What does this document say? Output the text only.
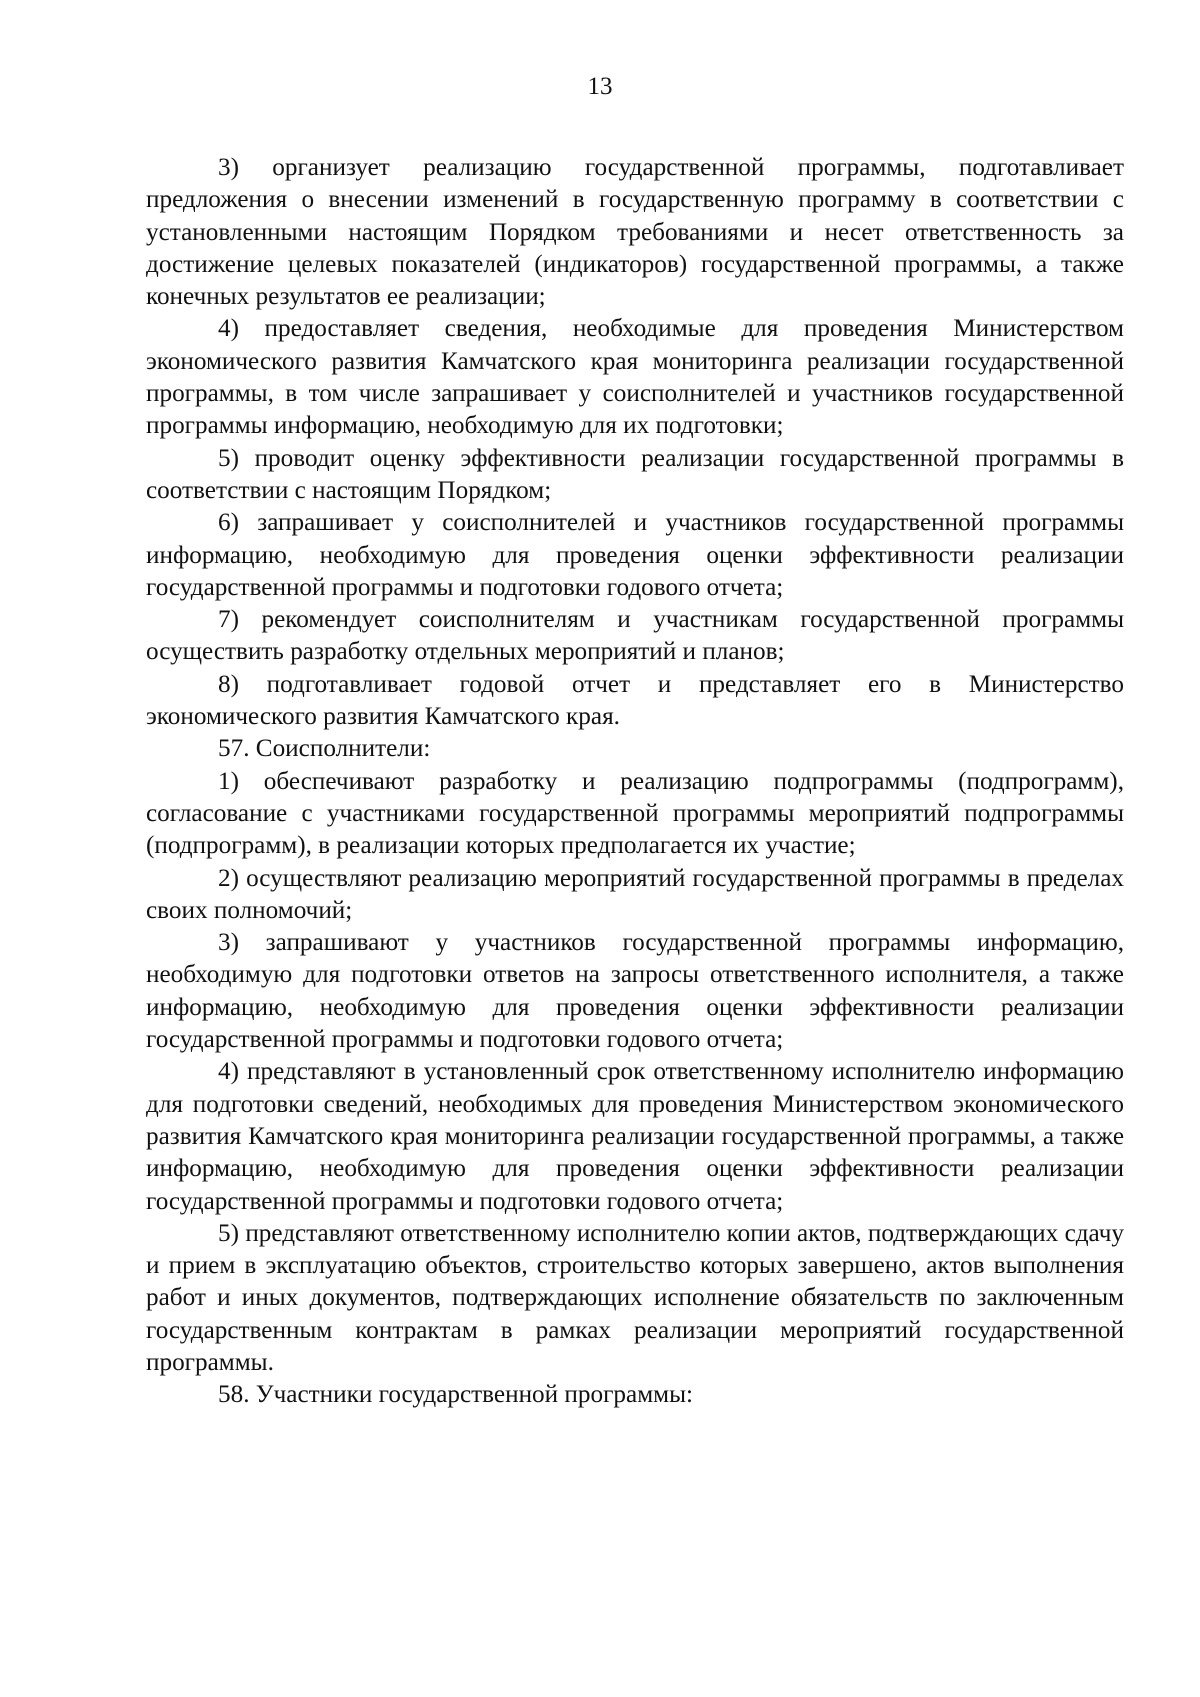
13

3) организует реализацию государственной программы, подготавливает предложения о внесении изменений в государственную программу в соответствии с установленными настоящим Порядком требованиями и несет ответственность за достижение целевых показателей (индикаторов) государственной программы, а также конечных результатов ее реализации;

4) предоставляет сведения, необходимые для проведения Министерством экономического развития Камчатского края мониторинга реализации государственной программы, в том числе запрашивает у соисполнителей и участников государственной программы информацию, необходимую для их подготовки;

5) проводит оценку эффективности реализации государственной программы в соответствии с настоящим Порядком;

6) запрашивает у соисполнителей и участников государственной программы информацию, необходимую для проведения оценки эффективности реализации государственной программы и подготовки годового отчета;

7) рекомендует соисполнителям и участникам государственной программы осуществить разработку отдельных мероприятий и планов;

8) подготавливает годовой отчет и представляет его в Министерство экономического развития Камчатского края.

57. Соисполнители:

1) обеспечивают разработку и реализацию подпрограммы (подпрограмм), согласование с участниками государственной программы мероприятий подпрограммы (подпрограмм), в реализации которых предполагается их участие;

2) осуществляют реализацию мероприятий государственной программы в пределах своих полномочий;

3) запрашивают у участников государственной программы информацию, необходимую для подготовки ответов на запросы ответственного исполнителя, а также информацию, необходимую для проведения оценки эффективности реализации государственной программы и подготовки годового отчета;

4) представляют в установленный срок ответственному исполнителю информацию для подготовки сведений, необходимых для проведения Министерством экономического развития Камчатского края мониторинга реализации государственной программы, а также информацию, необходимую для проведения оценки эффективности реализации государственной программы и подготовки годового отчета;

5) представляют ответственному исполнителю копии актов, подтверждающих сдачу и прием в эксплуатацию объектов, строительство которых завершено, актов выполнения работ и иных документов, подтверждающих исполнение обязательств по заключенным государственным контрактам в рамках реализации мероприятий государственной программы.

58. Участники государственной программы:
